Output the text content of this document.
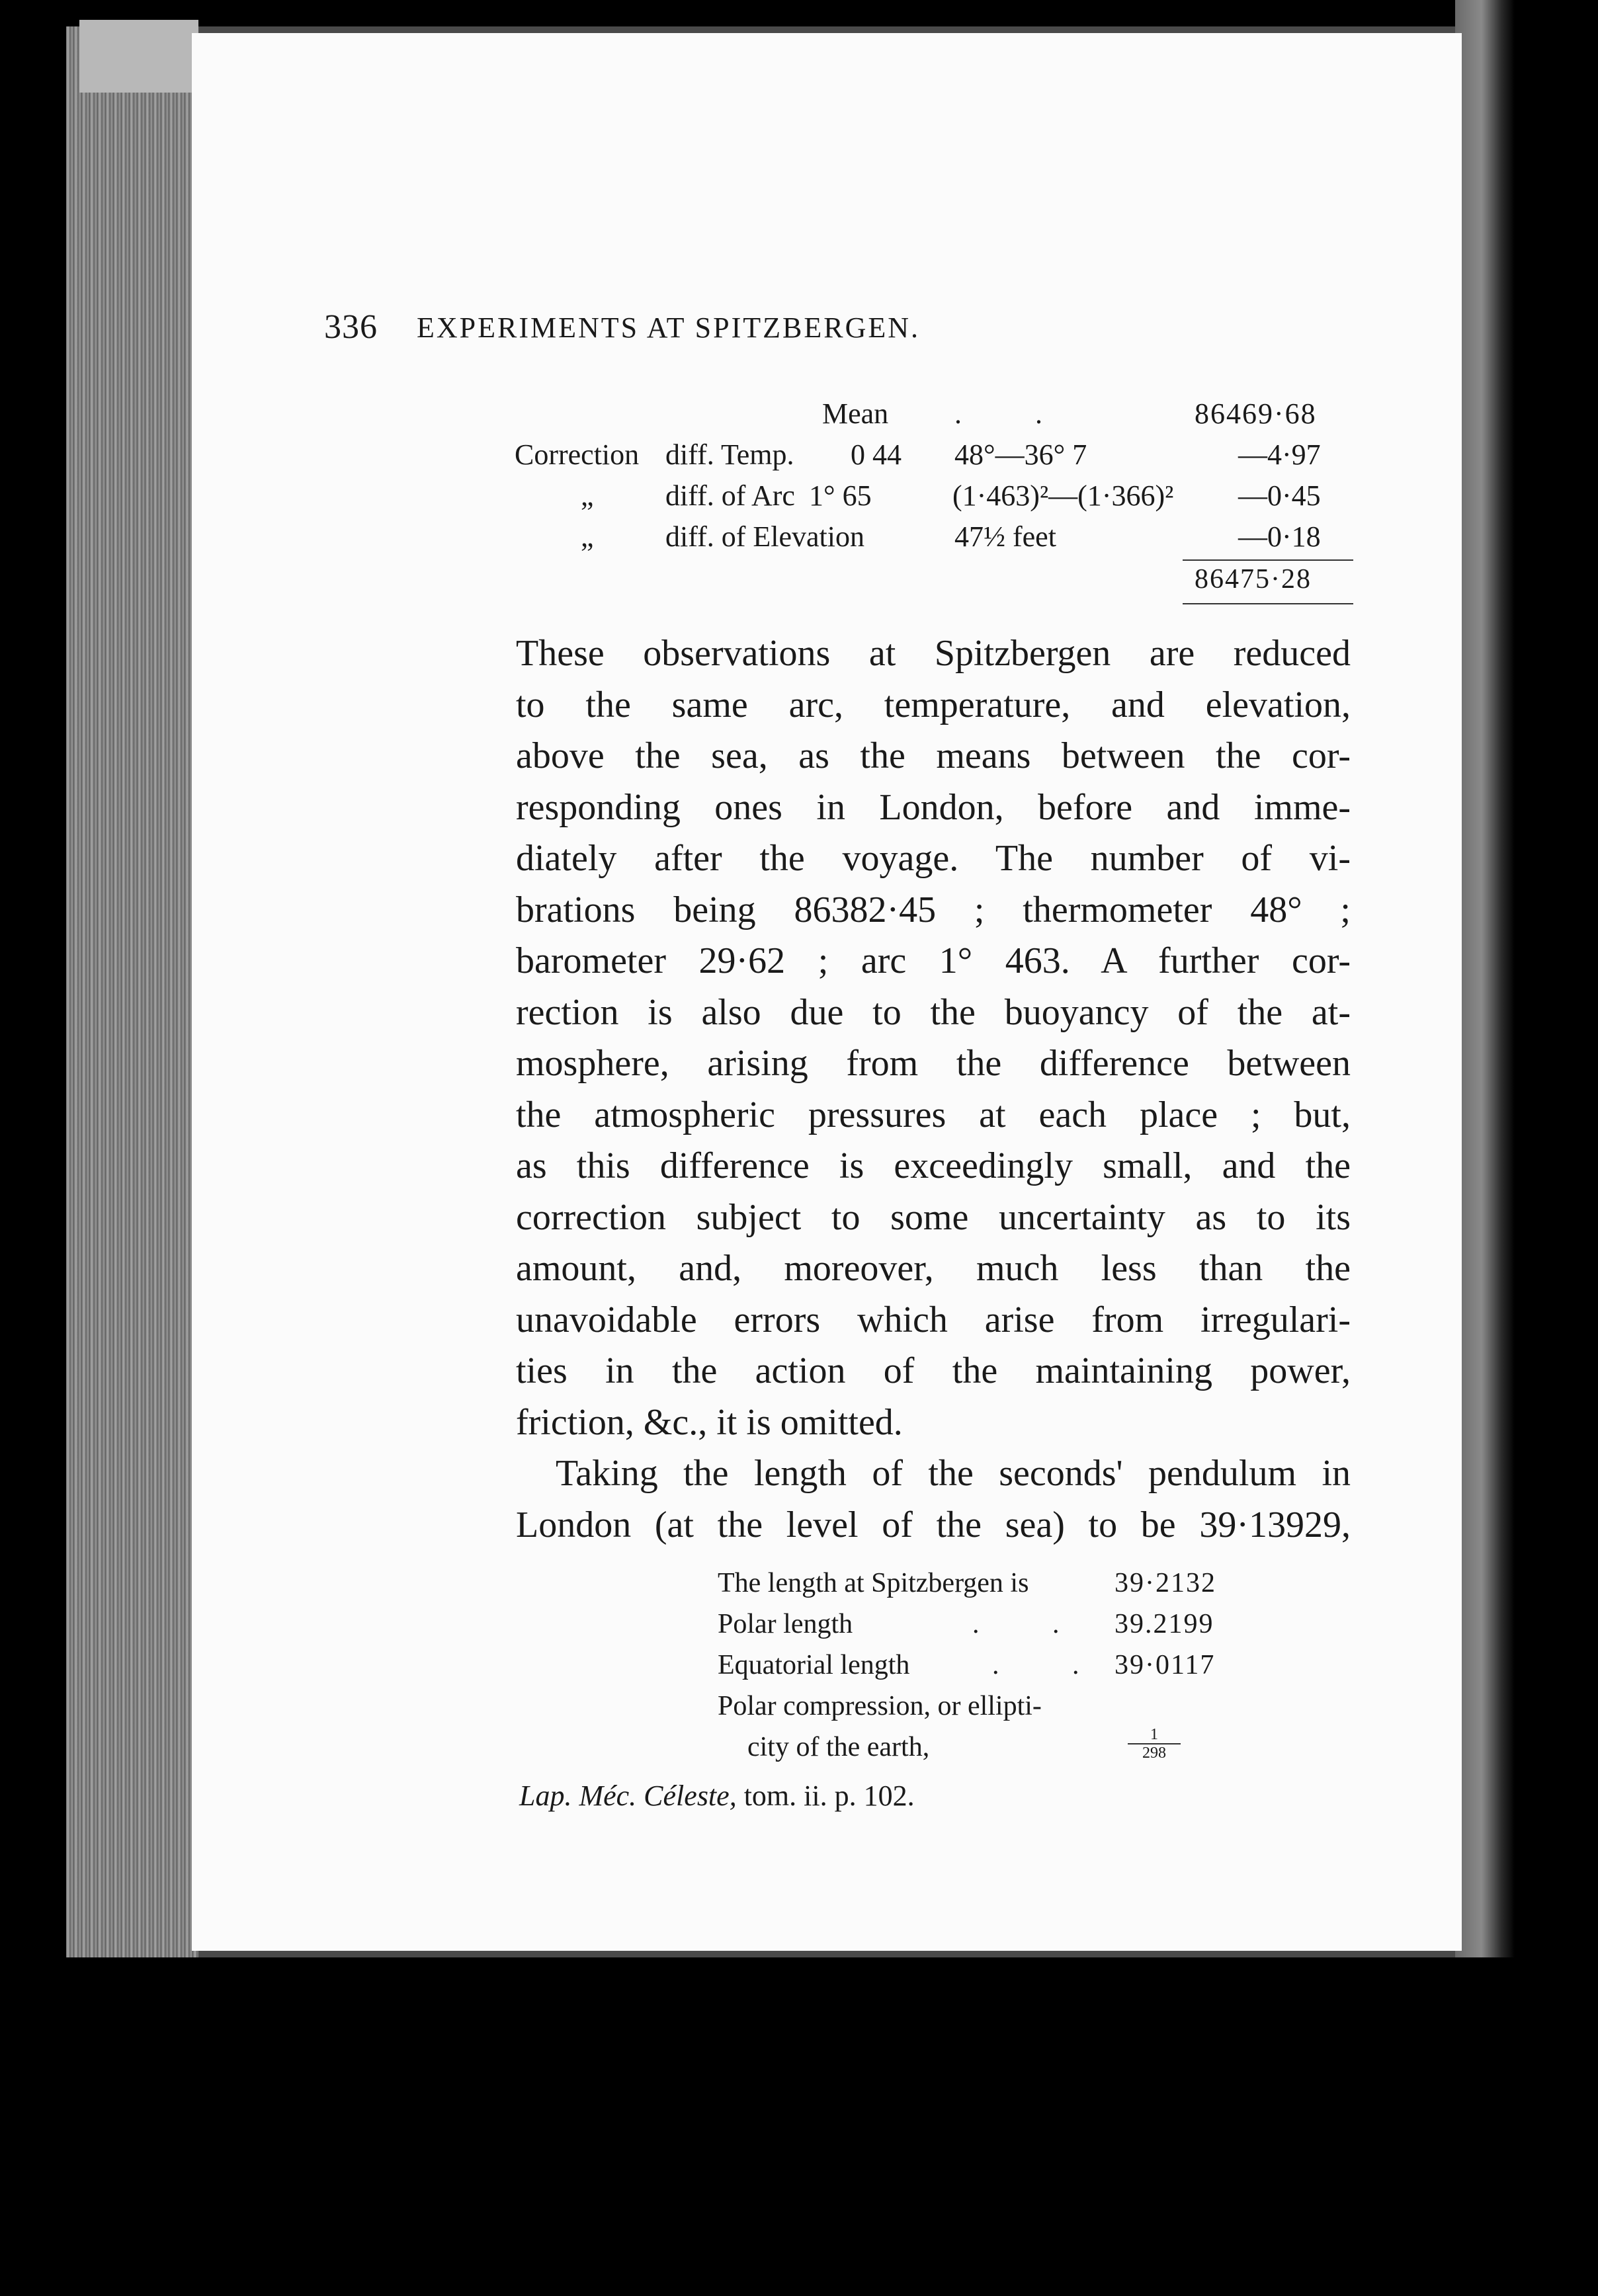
336 EXPERIMENTS AT SPITZBERGEN.
Mean . .	86469·68
Correction diff. Temp. 0 44 48°—36° 7	—4·97
„ diff. of Arc 1° 65	(1·463)²—(1·366)² —0·45
„ diff. of Elevation	47½ feet	—0·18
86475·28
These observations at Spitzbergen are reduced
to the same arc, temperature, and elevation,
above the sea, as the means between the cor-
responding ones in London, before and imme-
diately after the voyage. The number of vi-
brations being 86382·45 ; thermometer 48° ;
barometer 29·62 ; arc 1° 463. A further cor-
rection is also due to the buoyancy of the at-
mosphere, arising from the difference between
the atmospheric pressures at each place ; but,
as this difference is exceedingly small, and the
correction subject to some uncertainty as to its
amount, and, moreover, much less than the
unavoidable errors which arise from irregulari-
ties in the action of the maintaining power,
friction, &c., it is omitted.
Taking the length of the seconds' pendulum in
London (at the level of the sea) to be 39·13929,
The length at Spitzbergen is	39·2132
Polar length	. . 39.2199
Equatorial length	. . 39·0117
Polar compression, or ellipti-
city of the earth,	$\frac{1}{298}$
Lap. Méc. Céleste, tom. ii. p. 102.
